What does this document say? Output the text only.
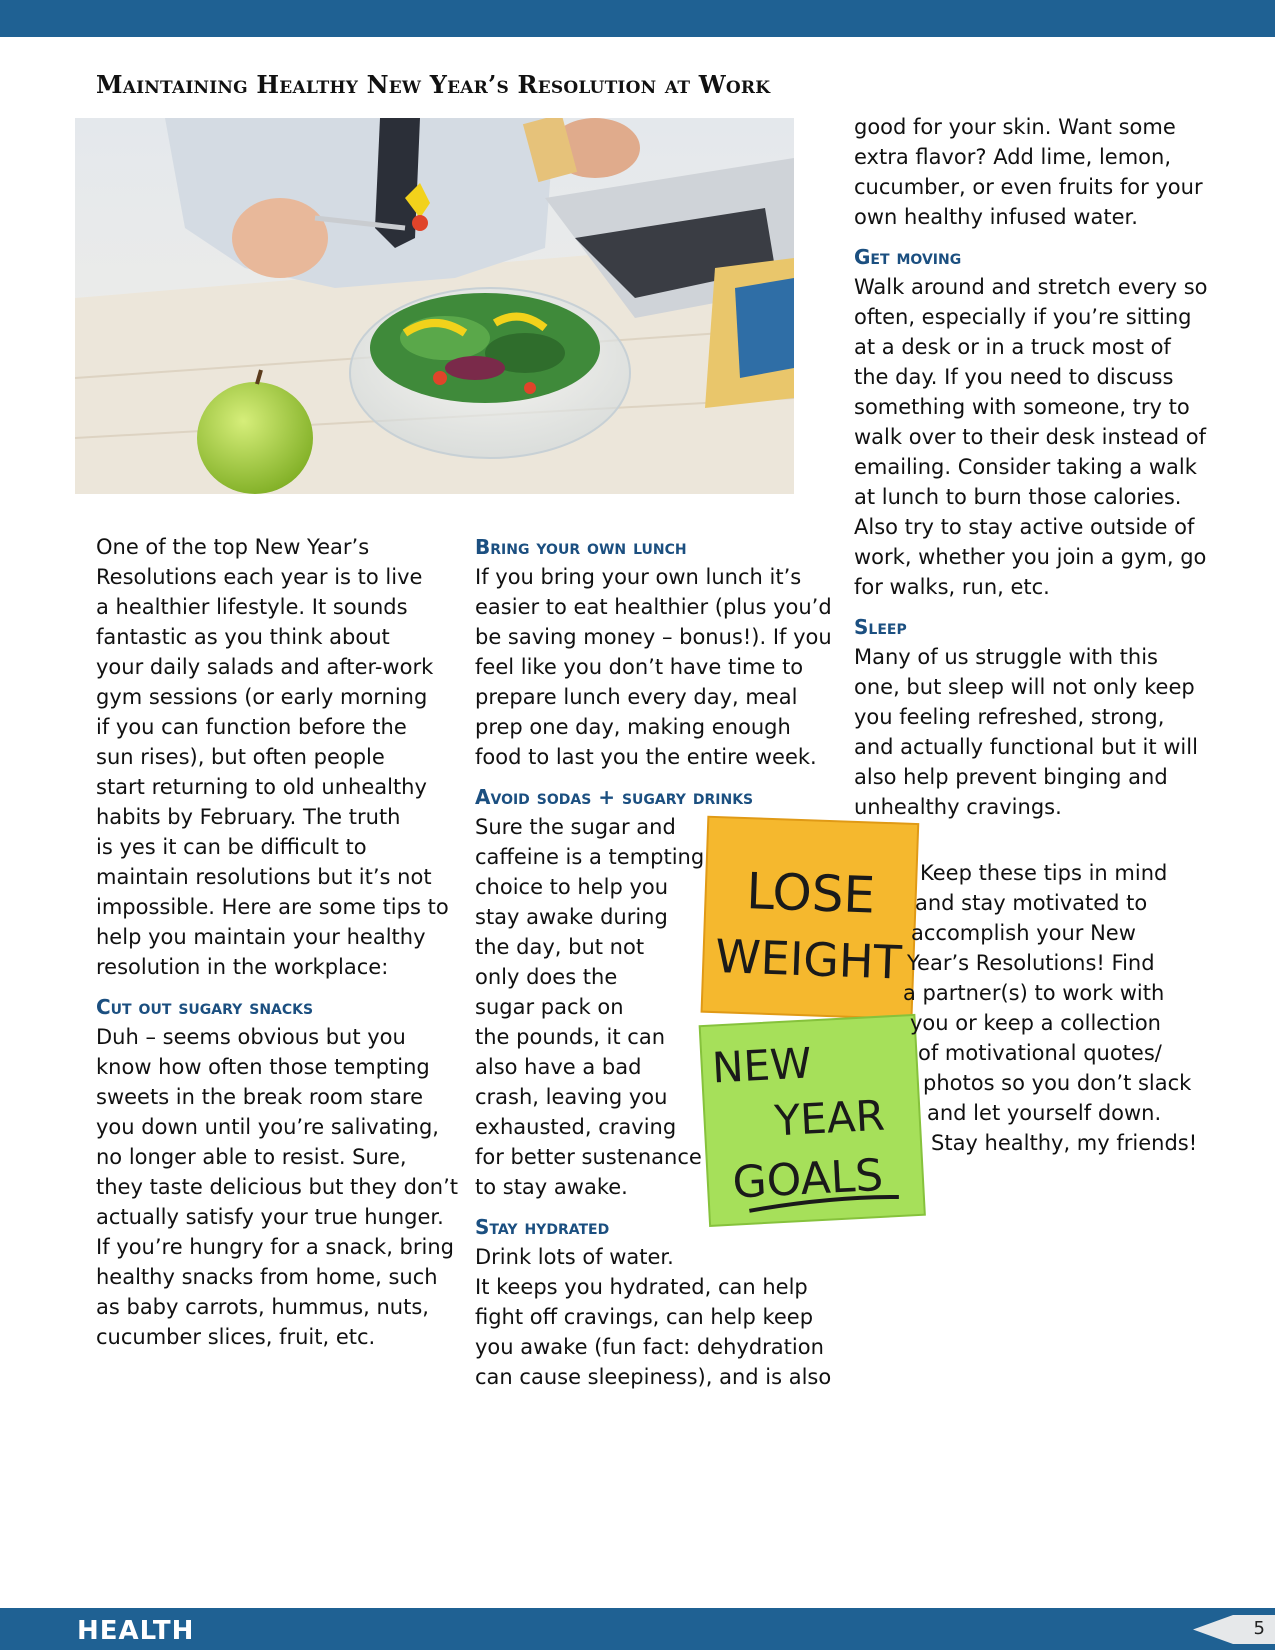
Maintaining Healthy New Year’s Resolution at Work

One of the top New Year’s
Resolutions each year is to live
a healthier lifestyle. It sounds
fantastic as you think about
your daily salads and after-work
gym sessions (or early morning
if you can function before the
sun rises), but often people
start returning to old unhealthy
habits by February. The truth
is yes it can be difficult to
maintain resolutions but it’s not
impossible. Here are some tips to
help you maintain your healthy
resolution in the workplace:

Cut out sugary snacks

Duh – seems obvious but you
know how often those tempting
sweets in the break room stare
you down until you’re salivating,
no longer able to resist. Sure,
they taste delicious but they don’t
actually satisfy your true hunger.
If you’re hungry for a snack, bring
healthy snacks from home, such
as baby carrots, hummus, nuts,
cucumber slices, fruit, etc.

Bring your own lunch

If you bring your own lunch it’s
easier to eat healthier (plus you’d
be saving money – bonus!). If you
feel like you don’t have time to
prepare lunch every day, meal
prep one day, making enough
food to last you the entire week.

Avoid sodas + sugary drinks

Sure the sugar and
caffeine is a tempting
choice to help you
stay awake during
the day, but not
only does the
sugar pack on
the pounds, it can
also have a bad
crash, leaving you
exhausted, craving
for better sustenance
to stay awake.

Stay hydrated

Drink lots of water.
It keeps you hydrated, can help
fight off cravings, can help keep
you awake (fun fact: dehydration
can cause sleepiness), and is also

LOSE
WEIGHT
NEW
YEAR
GOALS

good for your skin. Want some
extra flavor? Add lime, lemon,
cucumber, or even fruits for your
own healthy infused water.

Get moving

Walk around and stretch every so
often, especially if you’re sitting
at a desk or in a truck most of
the day. If you need to discuss
something with someone, try to
walk over to their desk instead of
emailing. Consider taking a walk
at lunch to burn those calories.
Also try to stay active outside of
work, whether you join a gym, go
for walks, run, etc.

Sleep

Many of us struggle with this
one, but sleep will not only keep
you feeling refreshed, strong,
and actually functional but it will
also help prevent binging and
unhealthy cravings.

Keep these tips in mind
and stay motivated to
accomplish your New
Year’s Resolutions! Find
a partner(s) to work with
you or keep a collection
of motivational quotes/
photos so you don’t slack
and let yourself down.
Stay healthy, my friends!
HEALTH	5
